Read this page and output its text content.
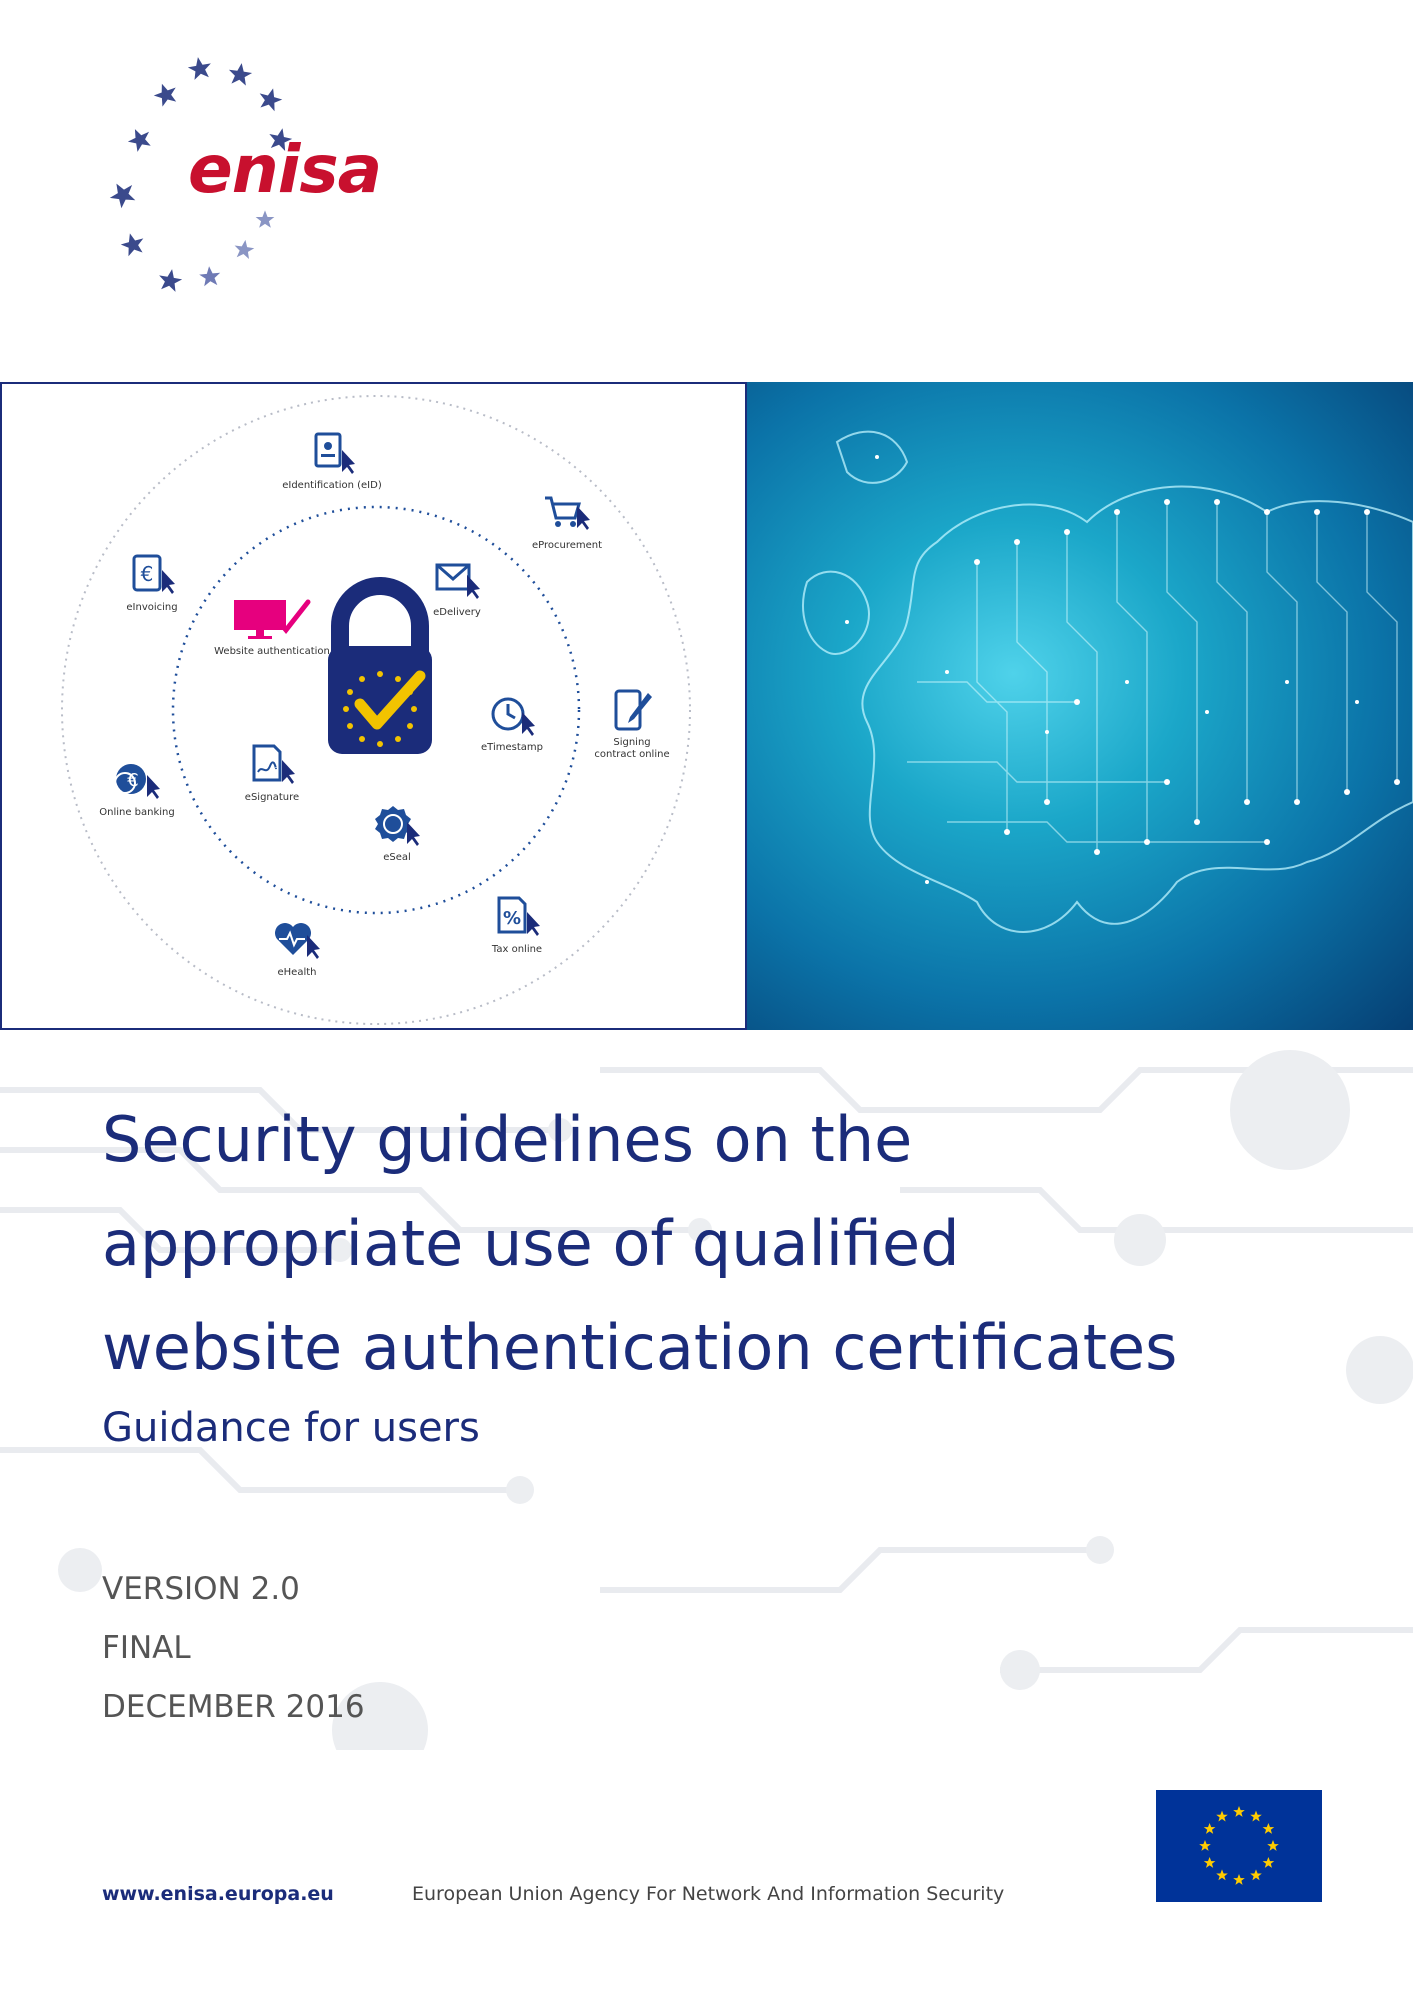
enisa
eIdentification (eID)
eProcurement
€
eInvoicing	eDelivery
Website authentication
eTimestamp	Signing contract online
eSignature
€
Online banking
eSeal
%
Tax online
eHealth
Security guidelines on the
appropriate use of qualified
website authentication certificates
Guidance for users
VERSION 2.0
FINAL
DECEMBER 2016
www.enisa.europa.eu	European Union Agency For Network And Information Security
